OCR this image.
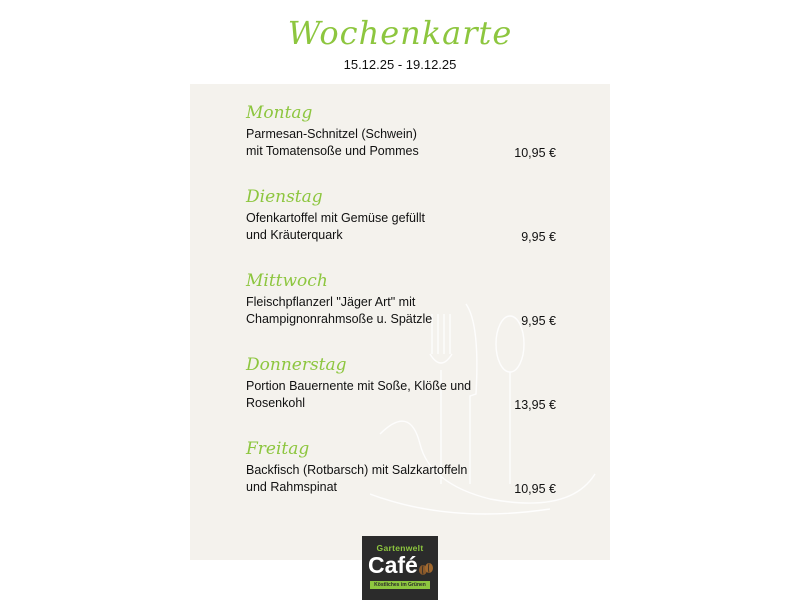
Wochenkarte
15.12.25 - 19.12.25
Montag
Parmesan-Schnitzel (Schwein)
mit Tomatensoße und Pommes	10,95 €
Dienstag
Ofenkartoffel mit Gemüse gefüllt
und Kräuterquark	9,95 €
Mittwoch
Fleischpflanzerl "Jäger Art" mit
Champignonrahmsoße u. Spätzle	9,95 €
Donnerstag
Portion Bauernente mit Soße, Klöße und
Rosenkohl	13,95 €
Freitag
Backfisch (Rotbarsch) mit Salzkartoffeln
und Rahmspinat	10,95 €
Gartenwelt
Café
Köstliches im Grünen
